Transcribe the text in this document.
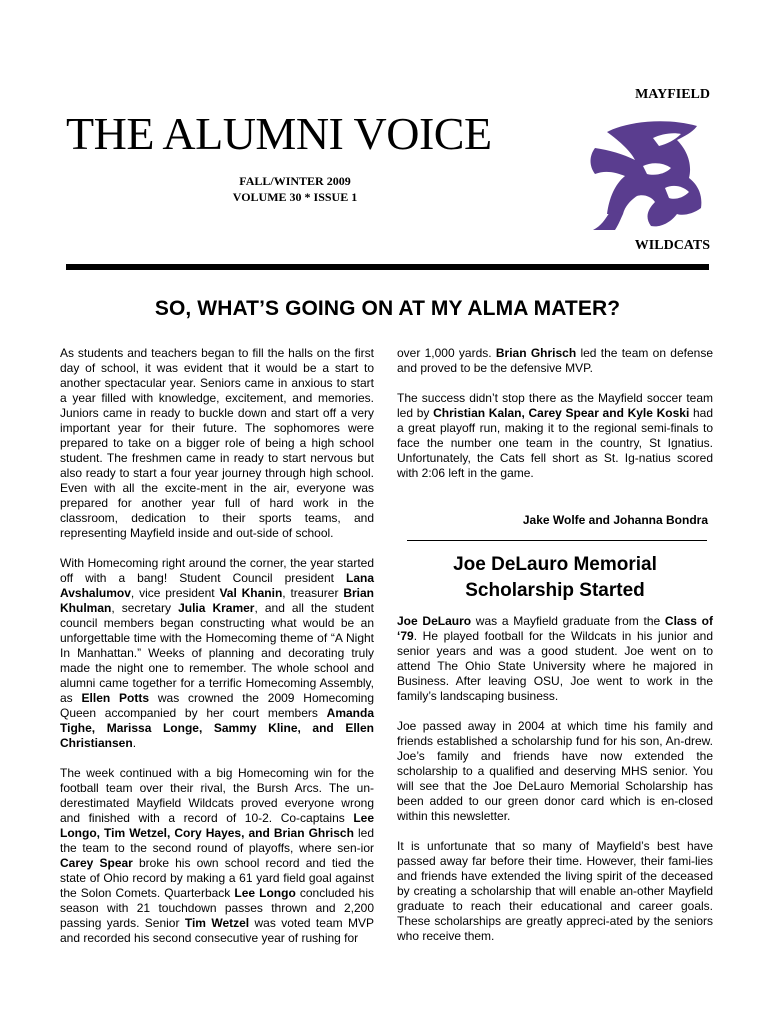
THE ALUMNI VOICE
FALL/WINTER 2009
VOLUME 30 * ISSUE 1
MAYFIELD
WILDCATS
SO, WHAT’S GOING ON AT MY ALMA MATER?

As students and teachers began to fill the halls on the first day of school, it was evident that it would be a start to another spectacular year. Seniors came in anxious to start a year filled with knowledge, excitement, and memories. Juniors came in ready to buckle down and start off a very important year for their future. The sophomores were prepared to take on a bigger role of being a high school student. The freshmen came in ready to start nervous but also ready to start a four year journey through high school. Even with all the excite-ment in the air, everyone was prepared for another year full of hard work in the classroom, dedication to their sports teams, and representing Mayfield inside and out-side of school.

With Homecoming right around the corner, the year started off with a bang! Student Council president Lana Avshalumov, vice president Val Khanin, treasurer Brian Khulman, secretary Julia Kramer, and all the student council members began constructing what would be an unforgettable time with the Homecoming theme of “A Night In Manhattan.” Weeks of planning and decorating truly made the night one to remember. The whole school and alumni came together for a terrific Homecoming Assembly, as Ellen Potts was crowned the 2009 Homecoming Queen accompanied by her court members Amanda Tighe, Marissa Longe, Sammy Kline, and Ellen Christiansen.

The week continued with a big Homecoming win for the football team over their rival, the Bursh Arcs. The un-derestimated Mayfield Wildcats proved everyone wrong and finished with a record of 10-2. Co-captains Lee Longo, Tim Wetzel, Cory Hayes, and Brian Ghrisch led the team to the second round of playoffs, where sen-ior Carey Spear broke his own school record and tied the state of Ohio record by making a 61 yard field goal against the Solon Comets. Quarterback Lee Longo concluded his season with 21 touchdown passes thrown and 2,200 passing yards. Senior Tim Wetzel was voted team MVP and recorded his second consecutive year of rushing for

over 1,000 yards. Brian Ghrisch led the team on defense and proved to be the defensive MVP.

The success didn’t stop there as the Mayfield soccer team led by Christian Kalan, Carey Spear and Kyle Koski had a great playoff run, making it to the regional semi-finals to face the number one team in the country, St Ignatius. Unfortunately, the Cats fell short as St. Ig-natius scored with 2:06 left in the game.

Jake Wolfe and Johanna Bondra
Joe DeLauro Memorial Scholarship Started

Joe DeLauro was a Mayfield graduate from the Class of ‘79. He played football for the Wildcats in his junior and senior years and was a good student. Joe went on to attend The Ohio State University where he majored in Business. After leaving OSU, Joe went to work in the family’s landscaping business.

Joe passed away in 2004 at which time his family and friends established a scholarship fund for his son, An-drew. Joe’s family and friends have now extended the scholarship to a qualified and deserving MHS senior. You will see that the Joe DeLauro Memorial Scholarship has been added to our green donor card which is en-closed within this newsletter.

It is unfortunate that so many of Mayfield’s best have passed away far before their time. However, their fami-lies and friends have extended the living spirit of the deceased by creating a scholarship that will enable an-other Mayfield graduate to reach their educational and career goals. These scholarships are greatly appreci-ated by the seniors who receive them.
